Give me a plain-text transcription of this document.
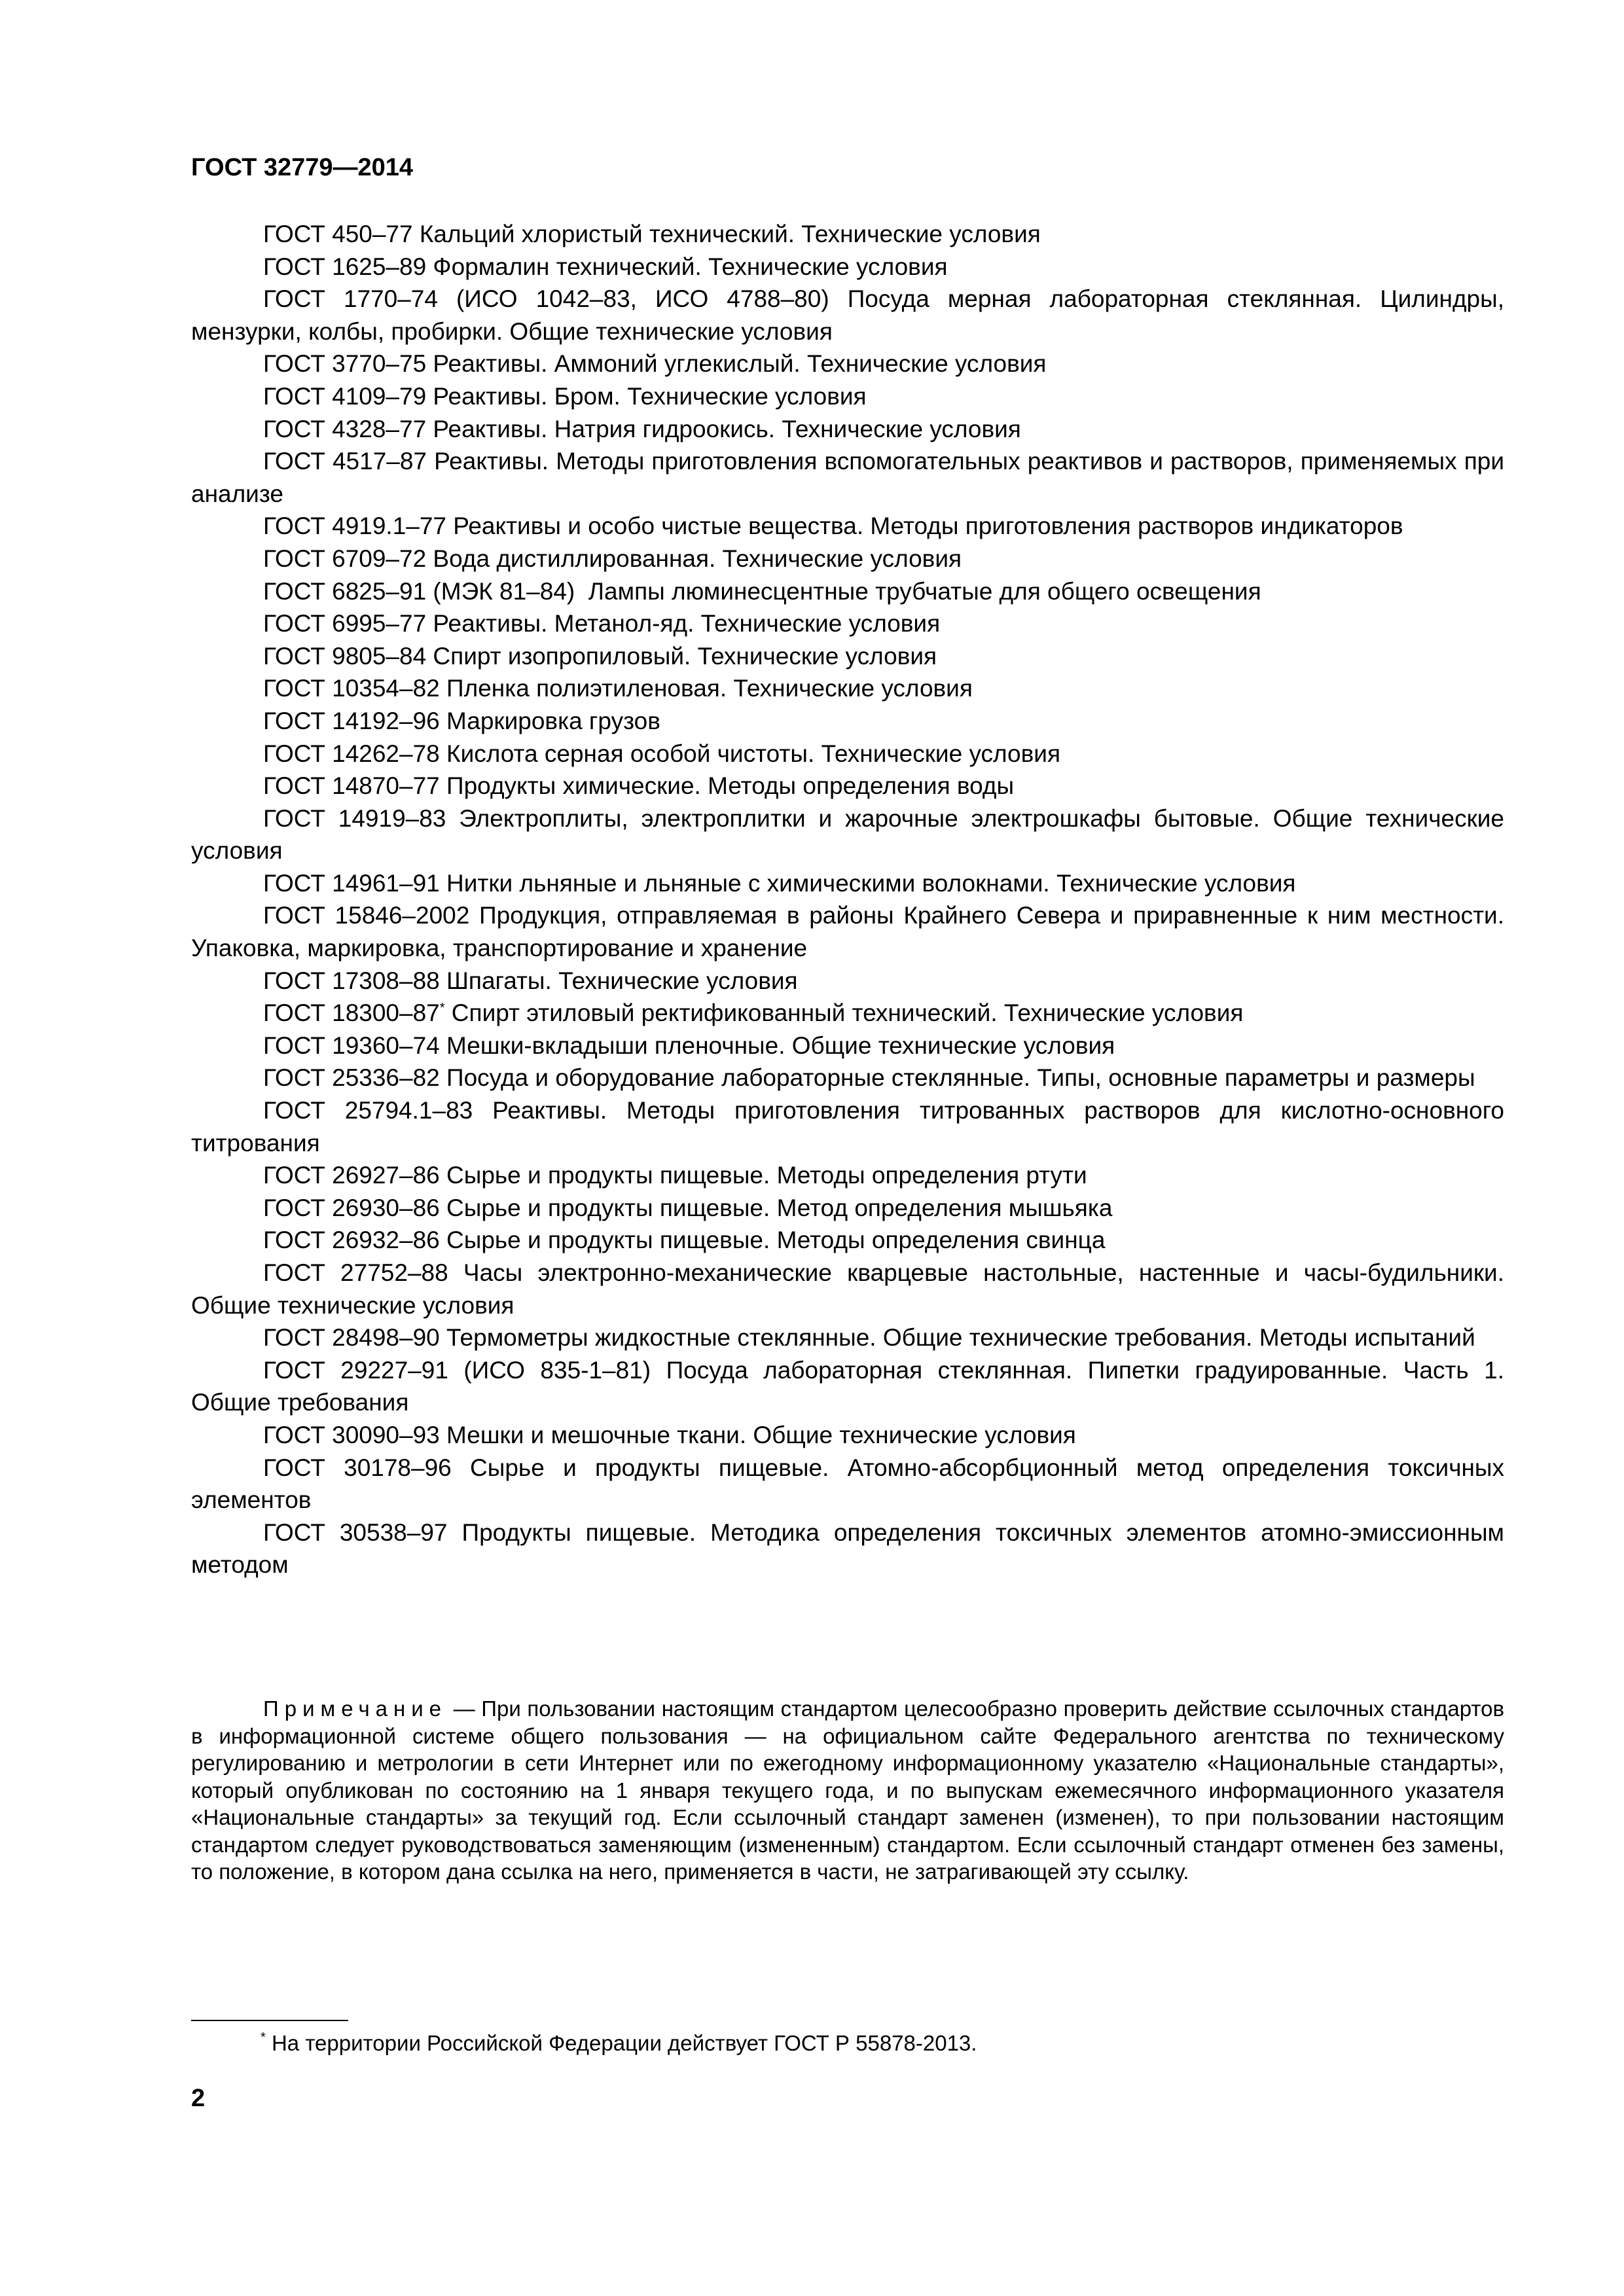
ГОСТ 32779—2014

ГОСТ 450–77 Кальций хлористый технический. Технические условия

ГОСТ 1625–89 Формалин технический. Технические условия

ГОСТ 1770–74 (ИСО 1042–83, ИСО 4788–80) Посуда мерная лабораторная стеклянная. Цилиндры, мензурки, колбы, пробирки. Общие технические условия

ГОСТ 3770–75 Реактивы. Аммоний углекислый. Технические условия

ГОСТ 4109–79 Реактивы. Бром. Технические условия

ГОСТ 4328–77 Реактивы. Натрия гидроокись. Технические условия

ГОСТ 4517–87 Реактивы. Методы приготовления вспомогательных реактивов и растворов, применяемых при анализе

ГОСТ 4919.1–77 Реактивы и особо чистые вещества. Методы приготовления растворов индикаторов

ГОСТ 6709–72 Вода дистиллированная. Технические условия

ГОСТ 6825–91 (МЭК 81–84)  Лампы люминесцентные трубчатые для общего освещения

ГОСТ 6995–77 Реактивы. Метанол-яд. Технические условия

ГОСТ 9805–84 Спирт изопропиловый. Технические условия

ГОСТ 10354–82 Пленка полиэтиленовая. Технические условия

ГОСТ 14192–96 Маркировка грузов

ГОСТ 14262–78 Кислота серная особой чистоты. Технические условия

ГОСТ 14870–77 Продукты химические. Методы определения воды

ГОСТ 14919–83 Электроплиты, электроплитки и жарочные электрошкафы бытовые. Общие технические условия

ГОСТ 14961–91 Нитки льняные и льняные с химическими волокнами. Технические условия

ГОСТ 15846–2002 Продукция, отправляемая в районы Крайнего Севера и приравненные к ним местности. Упаковка, маркировка, транспортирование и хранение

ГОСТ 17308–88 Шпагаты. Технические условия

ГОСТ 18300–87* Спирт этиловый ректификованный технический. Технические условия

ГОСТ 19360–74 Мешки-вкладыши пленочные. Общие технические условия

ГОСТ 25336–82 Посуда и оборудование лабораторные стеклянные. Типы, основные параметры и размеры

ГОСТ 25794.1–83 Реактивы. Методы приготовления титрованных растворов для кислотно-основного титрования

ГОСТ 26927–86 Сырье и продукты пищевые. Методы определения ртути

ГОСТ 26930–86 Сырье и продукты пищевые. Метод определения мышьяка

ГОСТ 26932–86 Сырье и продукты пищевые. Методы определения свинца

ГОСТ 27752–88 Часы электронно-механические кварцевые настольные, настенные и часы-будильники. Общие технические условия

ГОСТ 28498–90 Термометры жидкостные стеклянные. Общие технические требования. Методы испытаний

ГОСТ 29227–91 (ИСО 835-1–81) Посуда лабораторная стеклянная. Пипетки градуированные. Часть 1. Общие требования

ГОСТ 30090–93 Мешки и мешочные ткани. Общие технические условия

ГОСТ 30178–96 Сырье и продукты пищевые. Атомно-абсорбционный метод определения токсичных элементов

ГОСТ 30538–97 Продукты пищевые. Методика определения токсичных элементов атомно-эмиссионным методом

Примечание — При пользовании настоящим стандартом целесообразно проверить действие ссылочных стандартов в информационной системе общего пользования — на официальном сайте Федерального агентства по техническому регулированию и метрологии в сети Интернет или по ежегодному информационному указателю «Национальные стандарты», который опубликован по состоянию на 1 января текущего года, и по выпускам ежемесячного информационного указателя «Национальные стандарты» за текущий год. Если ссылочный стандарт заменен (изменен), то при пользовании настоящим стандартом следует руководствоваться заменяющим (измененным) стандартом. Если ссылочный стандарт отменен без замены, то положение, в котором дана ссылка на него, применяется в части, не затрагивающей эту ссылку.

* На территории Российской Федерации действует ГОСТ Р 55878-2013.
2
